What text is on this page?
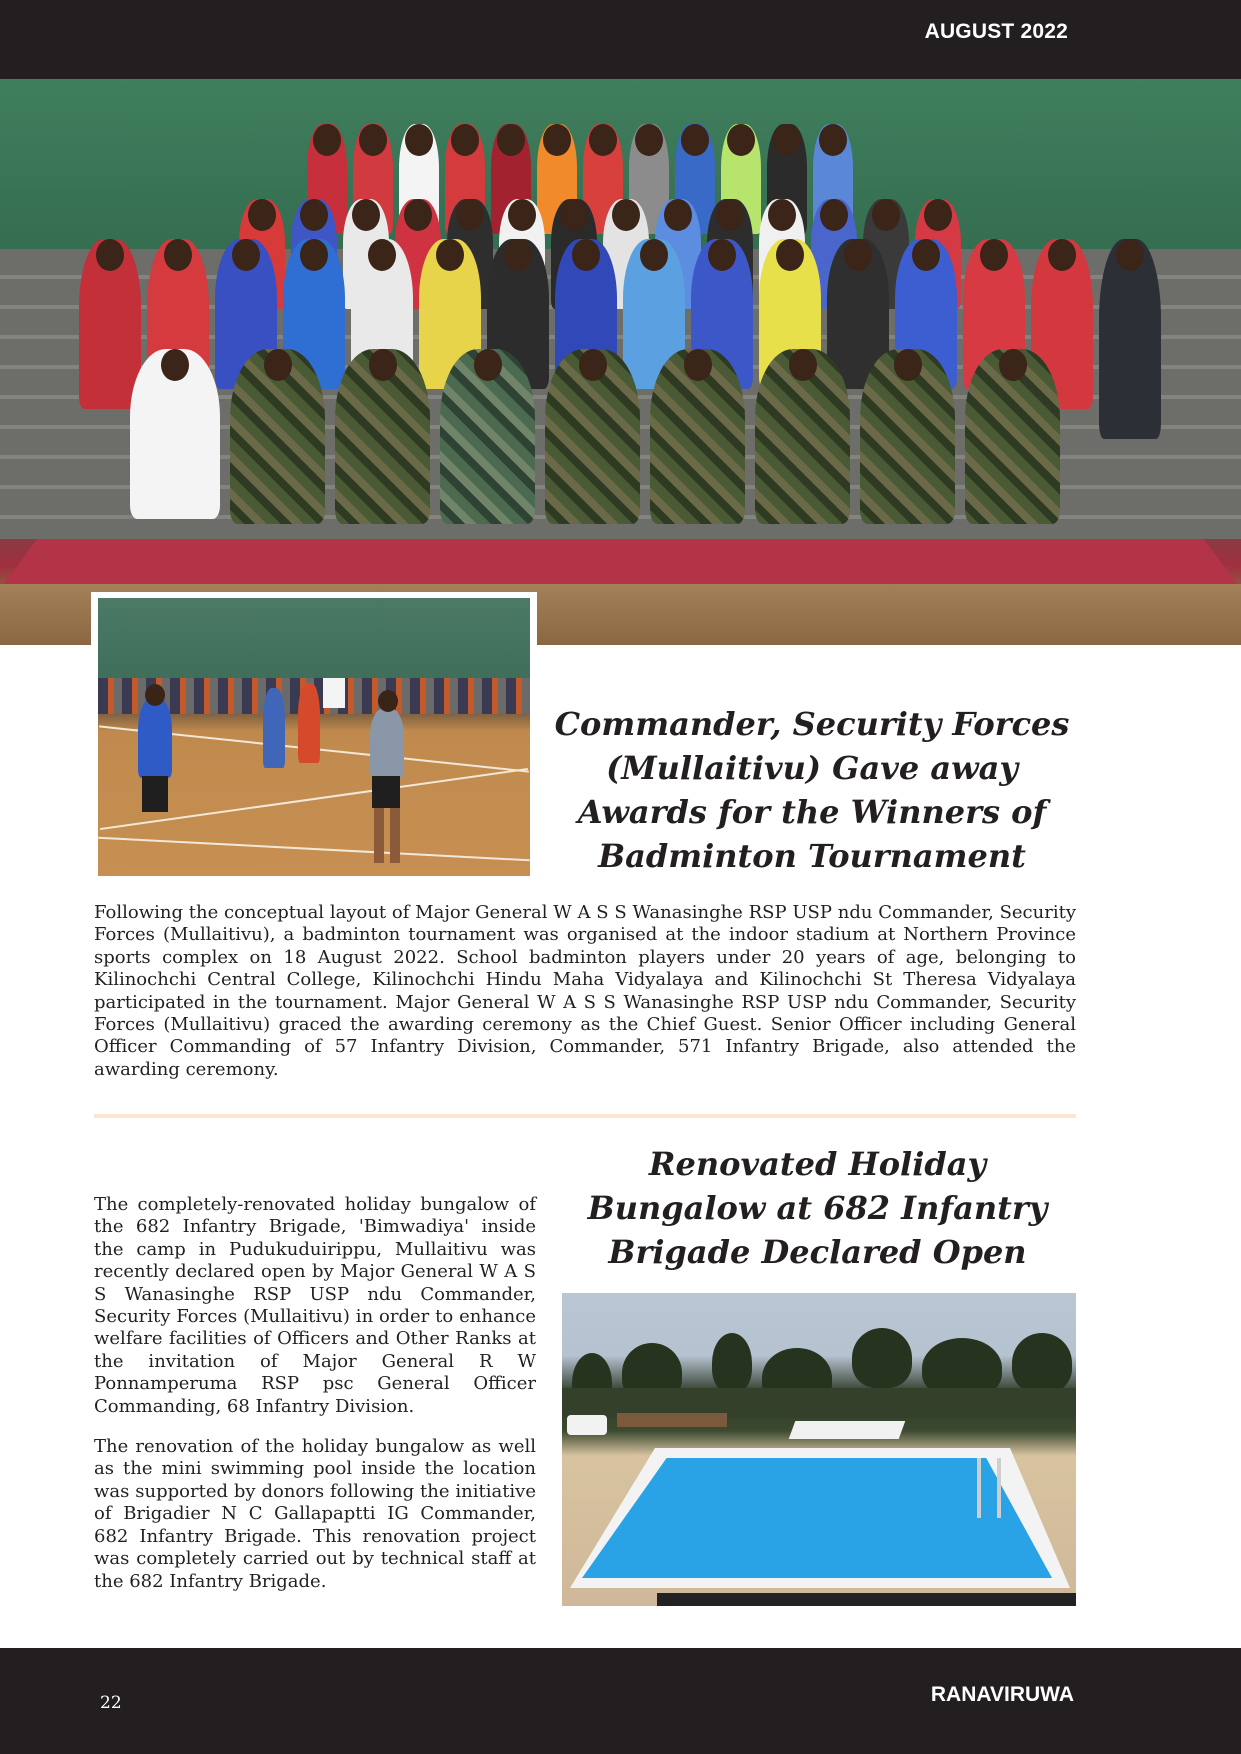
AUGUST 2022
Commander, Security Forces (Mullaitivu) Gave away Awards for the Winners of Badminton Tournament
Following the conceptual layout of Major General W A S S Wanasinghe RSP USP ndu Commander, Security Forces (Mullaitivu), a badminton tournament was organised at the indoor stadium at Northern Province sports complex on 18 August 2022. School badminton players under 20 years of age, belonging to Kilinochchi Central College, Kilinochchi Hindu Maha Vidyalaya and Kilinochchi St Theresa Vidyalaya participated in the tournament. Major General W A S S Wanasinghe RSP USP ndu Commander, Security Forces (Mullaitivu) graced the awarding ceremony as the Chief Guest. Senior Officer including General Officer Commanding of 57 Infantry Division, Commander, 571 Infantry Brigade, also attended the awarding ceremony.
Renovated Holiday Bungalow at 682 Infantry Brigade Declared Open

The completely-renovated holiday bungalow of the 682 Infantry Brigade, 'Bimwadiya' inside the camp in Pudukuduirippu, Mullaitivu was recently declared open by Major General W A S S Wanasinghe RSP USP ndu Commander, Security Forces (Mullaitivu) in order to enhance welfare facilities of Officers and Other Ranks at the invitation of Major General R W Ponnamperuma RSP psc General Officer Commanding, 68 Infantry Division.

The renovation of the holiday bungalow as well as the mini swimming pool inside the location was supported by donors following the initiative of Brigadier N C Gallapaptti IG Commander, 682 Infantry Brigade. This renovation project was completely carried out by technical staff at the 682 Infantry Brigade.

22	RANAVIRUWA
